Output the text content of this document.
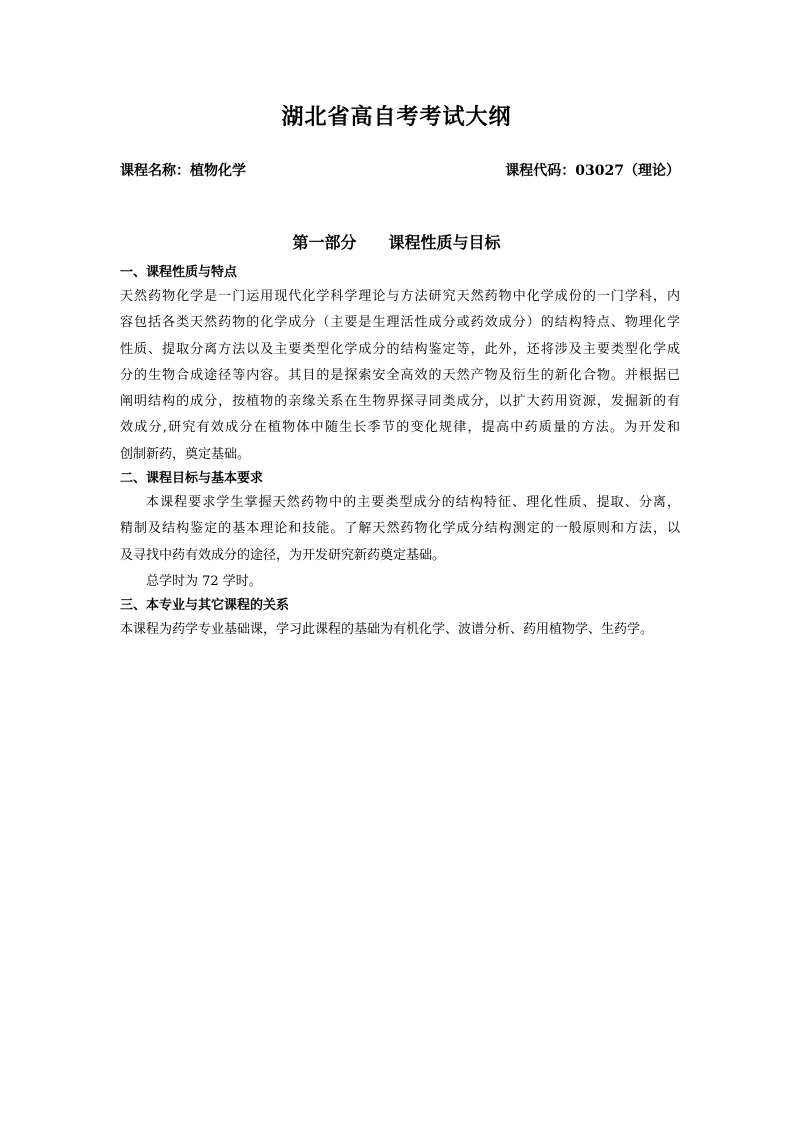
湖北省高自考考试大纲
课程名称：植物化学	课程代码：03027（理论）
第一部分　　课程性质与目标

一、课程性质与特点

天然药物化学是一门运用现代化学科学理论与方法研究天然药物中化学成份的一门学科，内
容包括各类天然药物的化学成分（主要是生理活性成分或药效成分）的结构特点、物理化学
性质、提取分离方法以及主要类型化学成分的结构鉴定等，此外，还将涉及主要类型化学成
分的生物合成途径等内容。其目的是探索安全高效的天然产物及衍生的新化合物。并根据已
阐明结构的成分，按植物的亲缘关系在生物界探寻同类成分，以扩大药用资源，发掘新的有
效成分,研究有效成分在植物体中随生长季节的变化规律，提高中药质量的方法。为开发和
创制新药，奠定基础。

二、课程目标与基本要求

本课程要求学生掌握天然药物中的主要类型成分的结构特征、理化性质、提取、分离，
精制及结构鉴定的基本理论和技能。了解天然药物化学成分结构测定的一般原则和方法，以
及寻找中药有效成分的途径，为开发研究新药奠定基础。

总学时为 72 学时。

三、本专业与其它课程的关系

本课程为药学专业基础课，学习此课程的基础为有机化学、波谱分析、药用植物学、生药学。
